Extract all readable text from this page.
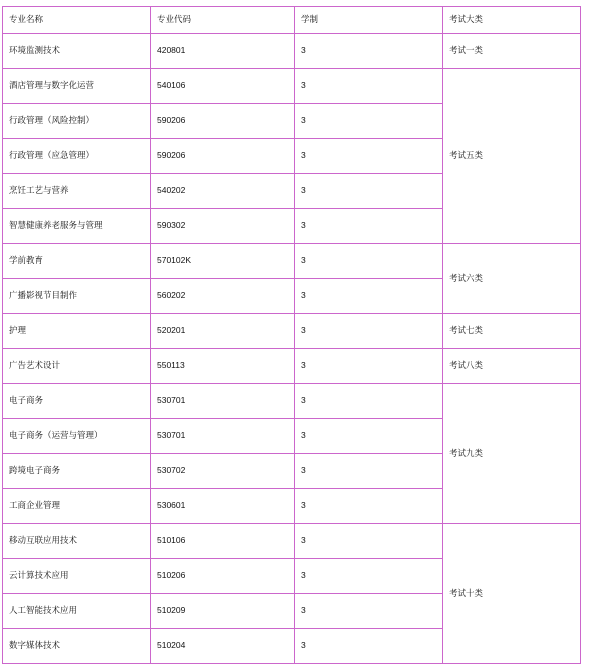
专业名称	专业代码	学制	考试大类
环境监测技术	420801	3	考试一类
酒店管理与数字化运营	540106	3	考试五类
行政管理（风险控制）	590206	3	
行政管理（应急管理）	590206	3	
烹饪工艺与营养	540202	3	
智慧健康养老服务与管理	590302	3	
学前教育	570102K	3	考试六类
广播影视节目制作	560202	3	
护理	520201	3	考试七类
广告艺术设计	550113	3	考试八类
电子商务	530701	3	考试九类
电子商务（运营与管理）	530701	3	
跨境电子商务	530702	3	
工商企业管理	530601	3	
移动互联应用技术	510106	3	考试十类
云计算技术应用	510206	3	
人工智能技术应用	510209	3	
数字媒体技术	510204	3	
